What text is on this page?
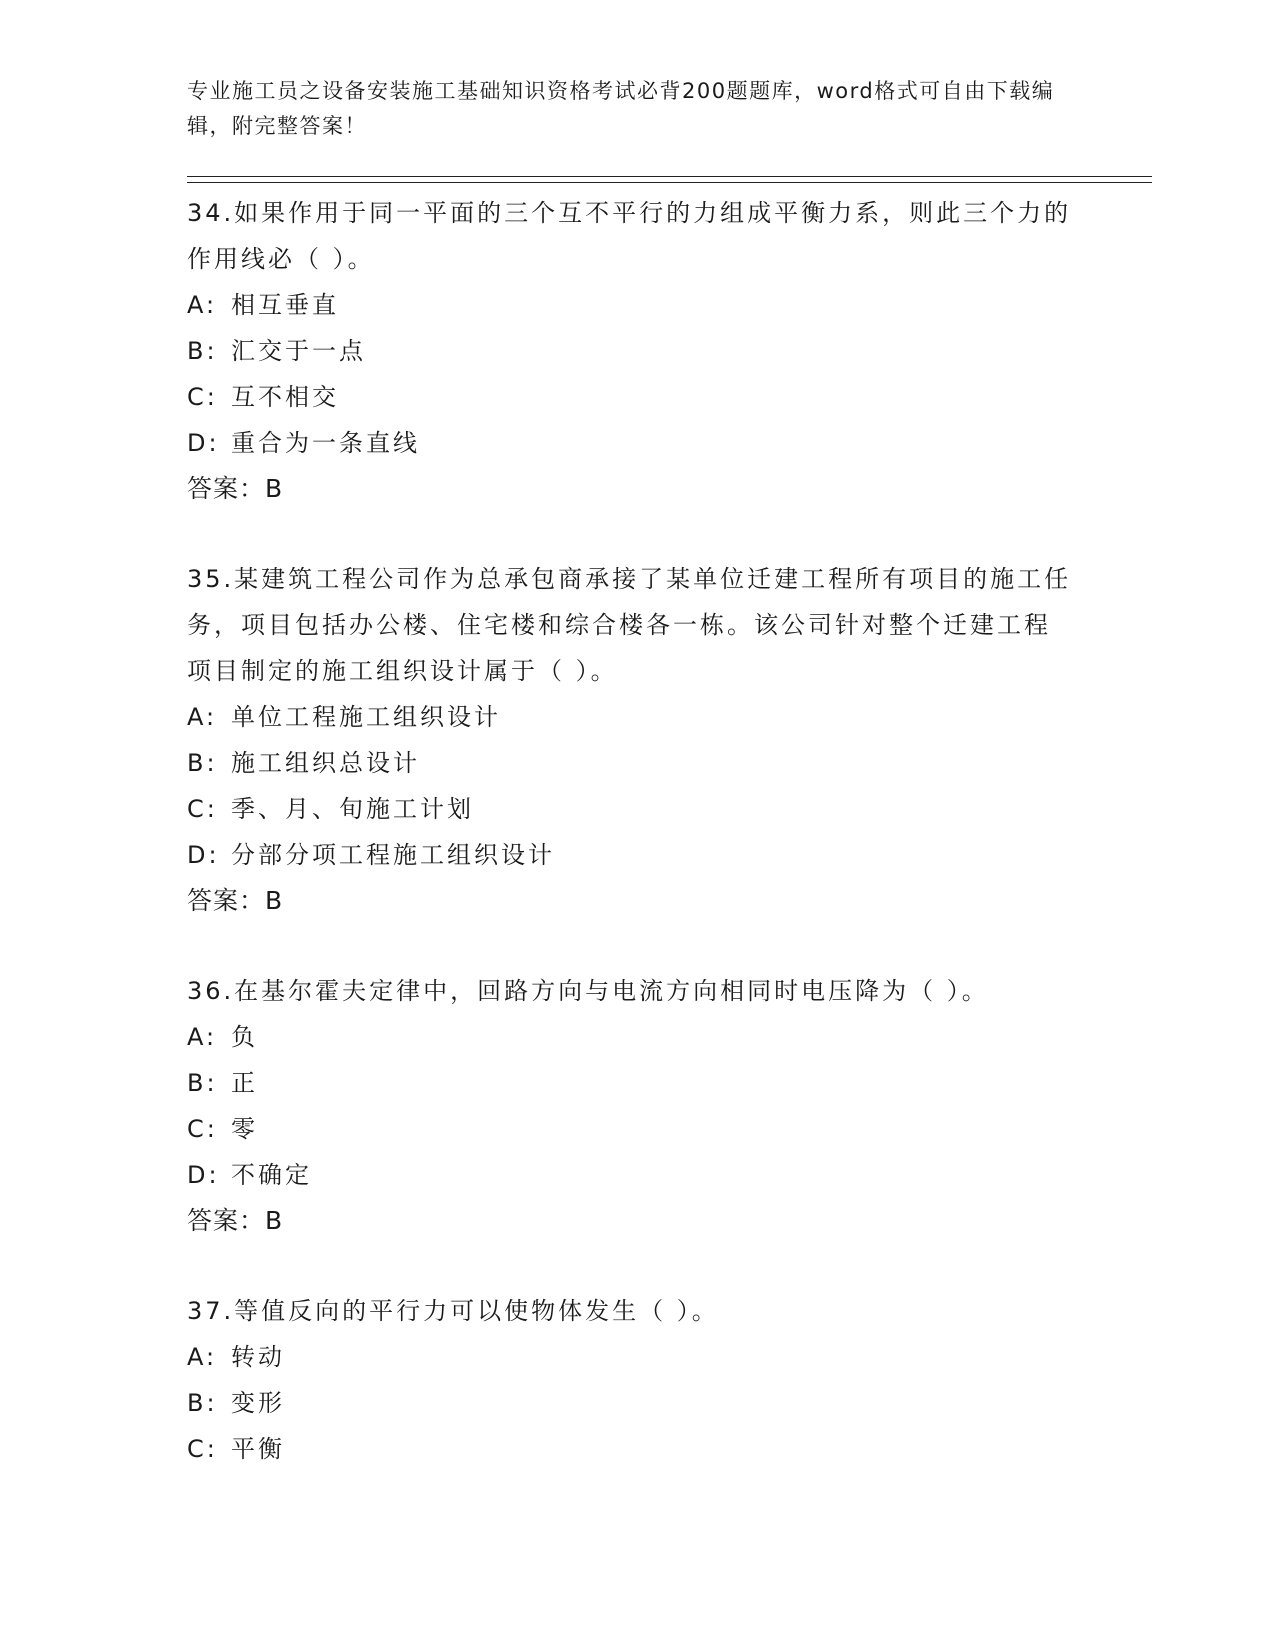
专业施工员之设备安装施工基础知识资格考试必背200题题库，word格式可自由下载编辑，附完整答案！
34.如果作用于同一平面的三个互不平行的力组成平衡力系，则此三个力的作用线必（ ）。
A: 相互垂直
B: 汇交于一点
C: 互不相交
D: 重合为一条直线
答案：B
35.某建筑工程公司作为总承包商承接了某单位迁建工程所有项目的施工任务，项目包括办公楼、住宅楼和综合楼各一栋。该公司针对整个迁建工程项目制定的施工组织设计属于（ ）。
A: 单位工程施工组织设计
B: 施工组织总设计
C: 季、月、旬施工计划
D: 分部分项工程施工组织设计
答案：B
36.在基尔霍夫定律中，回路方向与电流方向相同时电压降为（ ）。
A: 负
B: 正
C: 零
D: 不确定
答案：B
37.等值反向的平行力可以使物体发生（ ）。
A: 转动
B: 变形
C: 平衡
